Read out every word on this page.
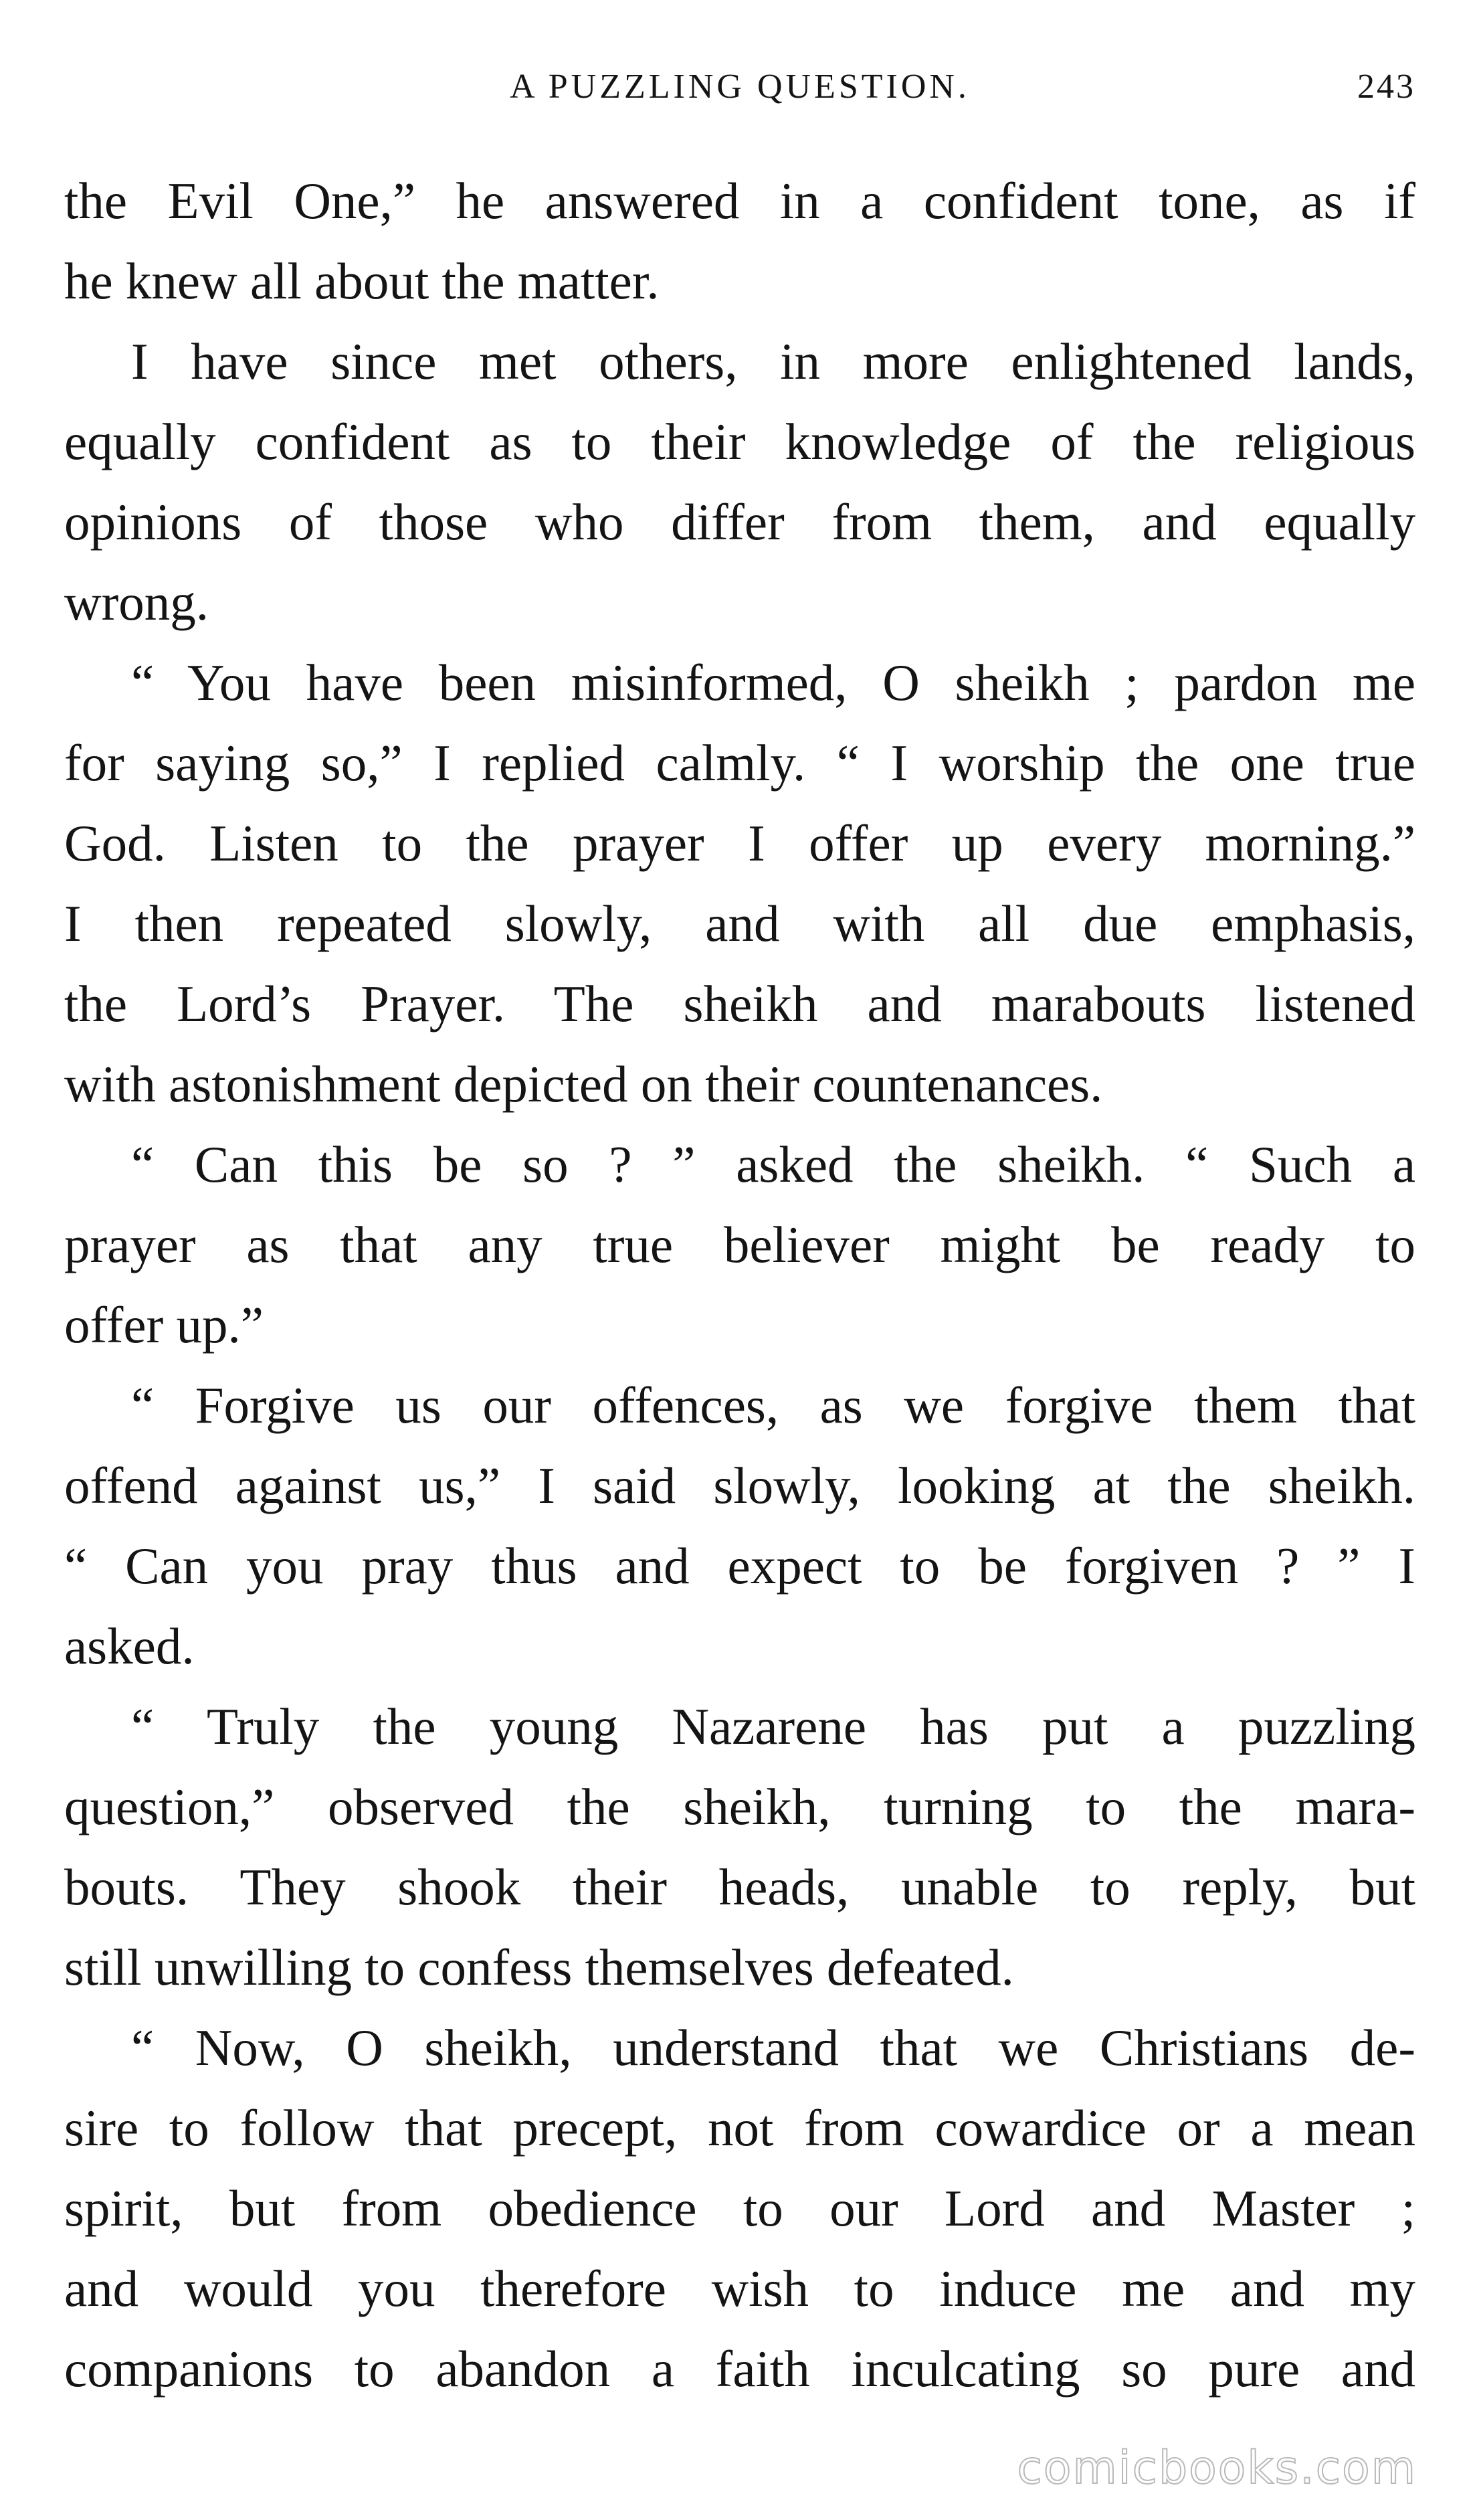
A PUZZLING QUESTION.	243
the Evil One,” he answered in a confident tone, as if
he knew all about the matter.
I have since met others, in more enlightened lands,
equally confident as to their knowledge of the religious
opinions of those who differ from them, and equally
wrong.
“ You have been misinformed, O sheikh ; pardon me
for saying so,” I replied calmly. “ I worship the one true
God. Listen to the prayer I offer up every morning.”
I then repeated slowly, and with all due emphasis,
the Lord’s Prayer. The sheikh and marabouts listened
with astonishment depicted on their countenances.
“ Can this be so ? ” asked the sheikh. “ Such a
prayer as that any true believer might be ready to
offer up.”
“ Forgive us our offences, as we forgive them that
offend against us,” I said slowly, looking at the sheikh.
“ Can you pray thus and expect to be forgiven ? ” I
asked.
“ Truly the young Nazarene has put a puzzling
question,” observed the sheikh, turning to the mara-
bouts. They shook their heads, unable to reply, but
still unwilling to confess themselves defeated.
“ Now, O sheikh, understand that we Christians de-
sire to follow that precept, not from cowardice or a mean
spirit, but from obedience to our Lord and Master ;
and would you therefore wish to induce me and my
companions to abandon a faith inculcating so pure and
comicbooks.com
